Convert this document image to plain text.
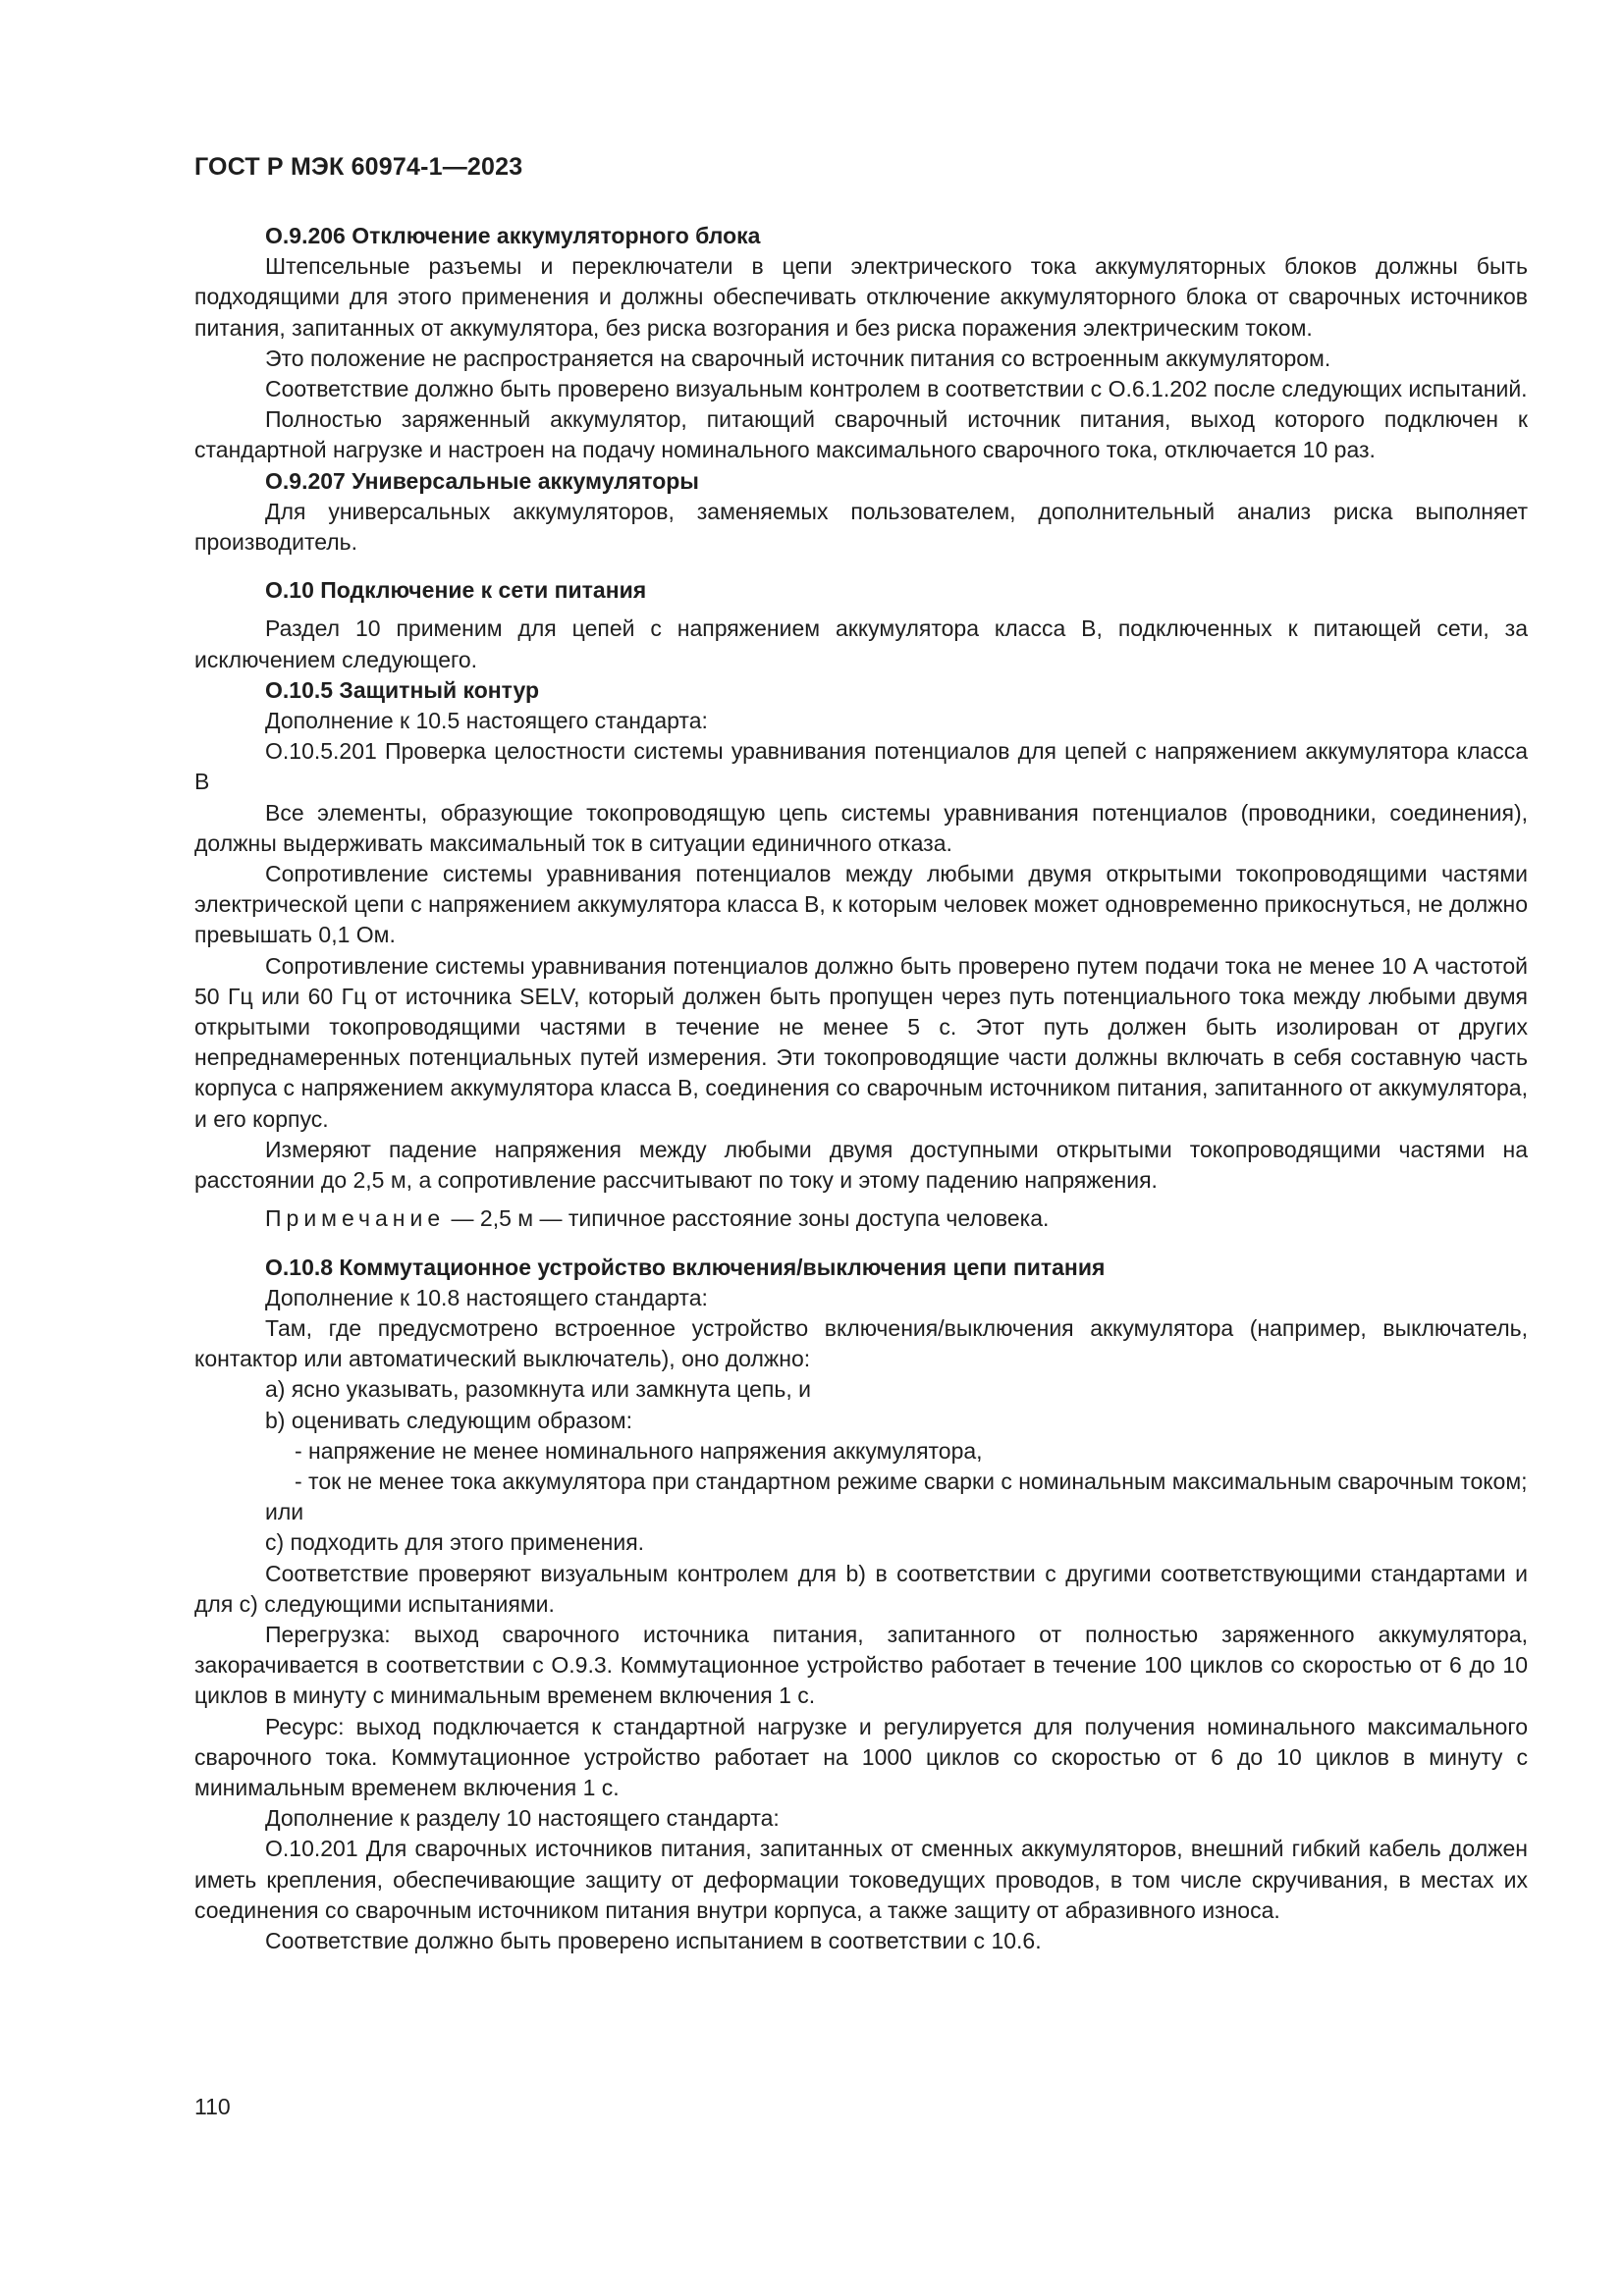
ГОСТ Р МЭК 60974-1—2023

O.9.206 Отключение аккумуляторного блока

Штепсельные разъемы и переключатели в цепи электрического тока аккумуляторных блоков должны быть подходящими для этого применения и должны обеспечивать отключение аккумуляторного блока от сварочных источников питания, запитанных от аккумулятора, без риска возгорания и без риска поражения электрическим током.

Это положение не распространяется на сварочный источник питания со встроенным аккумулятором.

Соответствие должно быть проверено визуальным контролем в соответствии с O.6.1.202 после следующих испытаний.

Полностью заряженный аккумулятор, питающий сварочный источник питания, выход которого подключен к стандартной нагрузке и настроен на подачу номинального максимального сварочного тока, отключается 10 раз.

O.9.207 Универсальные аккумуляторы

Для универсальных аккумуляторов, заменяемых пользователем, дополнительный анализ риска выполняет производитель.

O.10 Подключение к сети питания

Раздел 10 применим для цепей с напряжением аккумулятора класса В, подключенных к питающей сети, за исключением следующего.

O.10.5 Защитный контур

Дополнение к 10.5 настоящего стандарта:

O.10.5.201 Проверка целостности системы уравнивания потенциалов для цепей с напряжением аккумулятора класса В

Все элементы, образующие токопроводящую цепь системы уравнивания потенциалов (проводники, соединения), должны выдерживать максимальный ток в ситуации единичного отказа.

Сопротивление системы уравнивания потенциалов между любыми двумя открытыми токопроводящими частями электрической цепи с напряжением аккумулятора класса В, к которым человек может одновременно прикоснуться, не должно превышать 0,1 Ом.

Сопротивление системы уравнивания потенциалов должно быть проверено путем подачи тока не менее 10 А частотой 50 Гц или 60 Гц от источника SELV, который должен быть пропущен через путь потенциального тока между любыми двумя открытыми токопроводящими частями в течение не менее 5 с. Этот путь должен быть изолирован от других непреднамеренных потенциальных путей измерения. Эти токопроводящие части должны включать в себя составную часть корпуса с напряжением аккумулятора класса В, соединения со сварочным источником питания, запитанного от аккумулятора, и его корпус.

Измеряют падение напряжения между любыми двумя доступными открытыми токопроводящими частями на расстоянии до 2,5 м, а сопротивление рассчитывают по току и этому падению напряжения.

Примечание — 2,5 м — типичное расстояние зоны доступа человека.

O.10.8 Коммутационное устройство включения/выключения цепи питания

Дополнение к 10.8 настоящего стандарта:

Там, где предусмотрено встроенное устройство включения/выключения аккумулятора (например, выключатель, контактор или автоматический выключатель), оно должно:

a) ясно указывать, разомкнута или замкнута цепь, и

b) оценивать следующим образом:

- напряжение не менее номинального напряжения аккумулятора,

- ток не менее тока аккумулятора при стандартном режиме сварки с номинальным максимальным сварочным током;

или

c) подходить для этого применения.

Соответствие проверяют визуальным контролем для b) в соответствии с другими соответствующими стандартами и для c) следующими испытаниями.

Перегрузка: выход сварочного источника питания, запитанного от полностью заряженного аккумулятора, закорачивается в соответствии с O.9.3. Коммутационное устройство работает в течение 100 циклов со скоростью от 6 до 10 циклов в минуту с минимальным временем включения 1 с.

Ресурс: выход подключается к стандартной нагрузке и регулируется для получения номинального максимального сварочного тока. Коммутационное устройство работает на 1000 циклов со скоростью от 6 до 10 циклов в минуту с минимальным временем включения 1 с.

Дополнение к разделу 10 настоящего стандарта:

O.10.201 Для сварочных источников питания, запитанных от сменных аккумуляторов, внешний гибкий кабель должен иметь крепления, обеспечивающие защиту от деформации токоведущих проводов, в том числе скручивания, в местах их соединения со сварочным источником питания внутри корпуса, а также защиту от абразивного износа.

Соответствие должно быть проверено испытанием в соответствии с 10.6.

110
